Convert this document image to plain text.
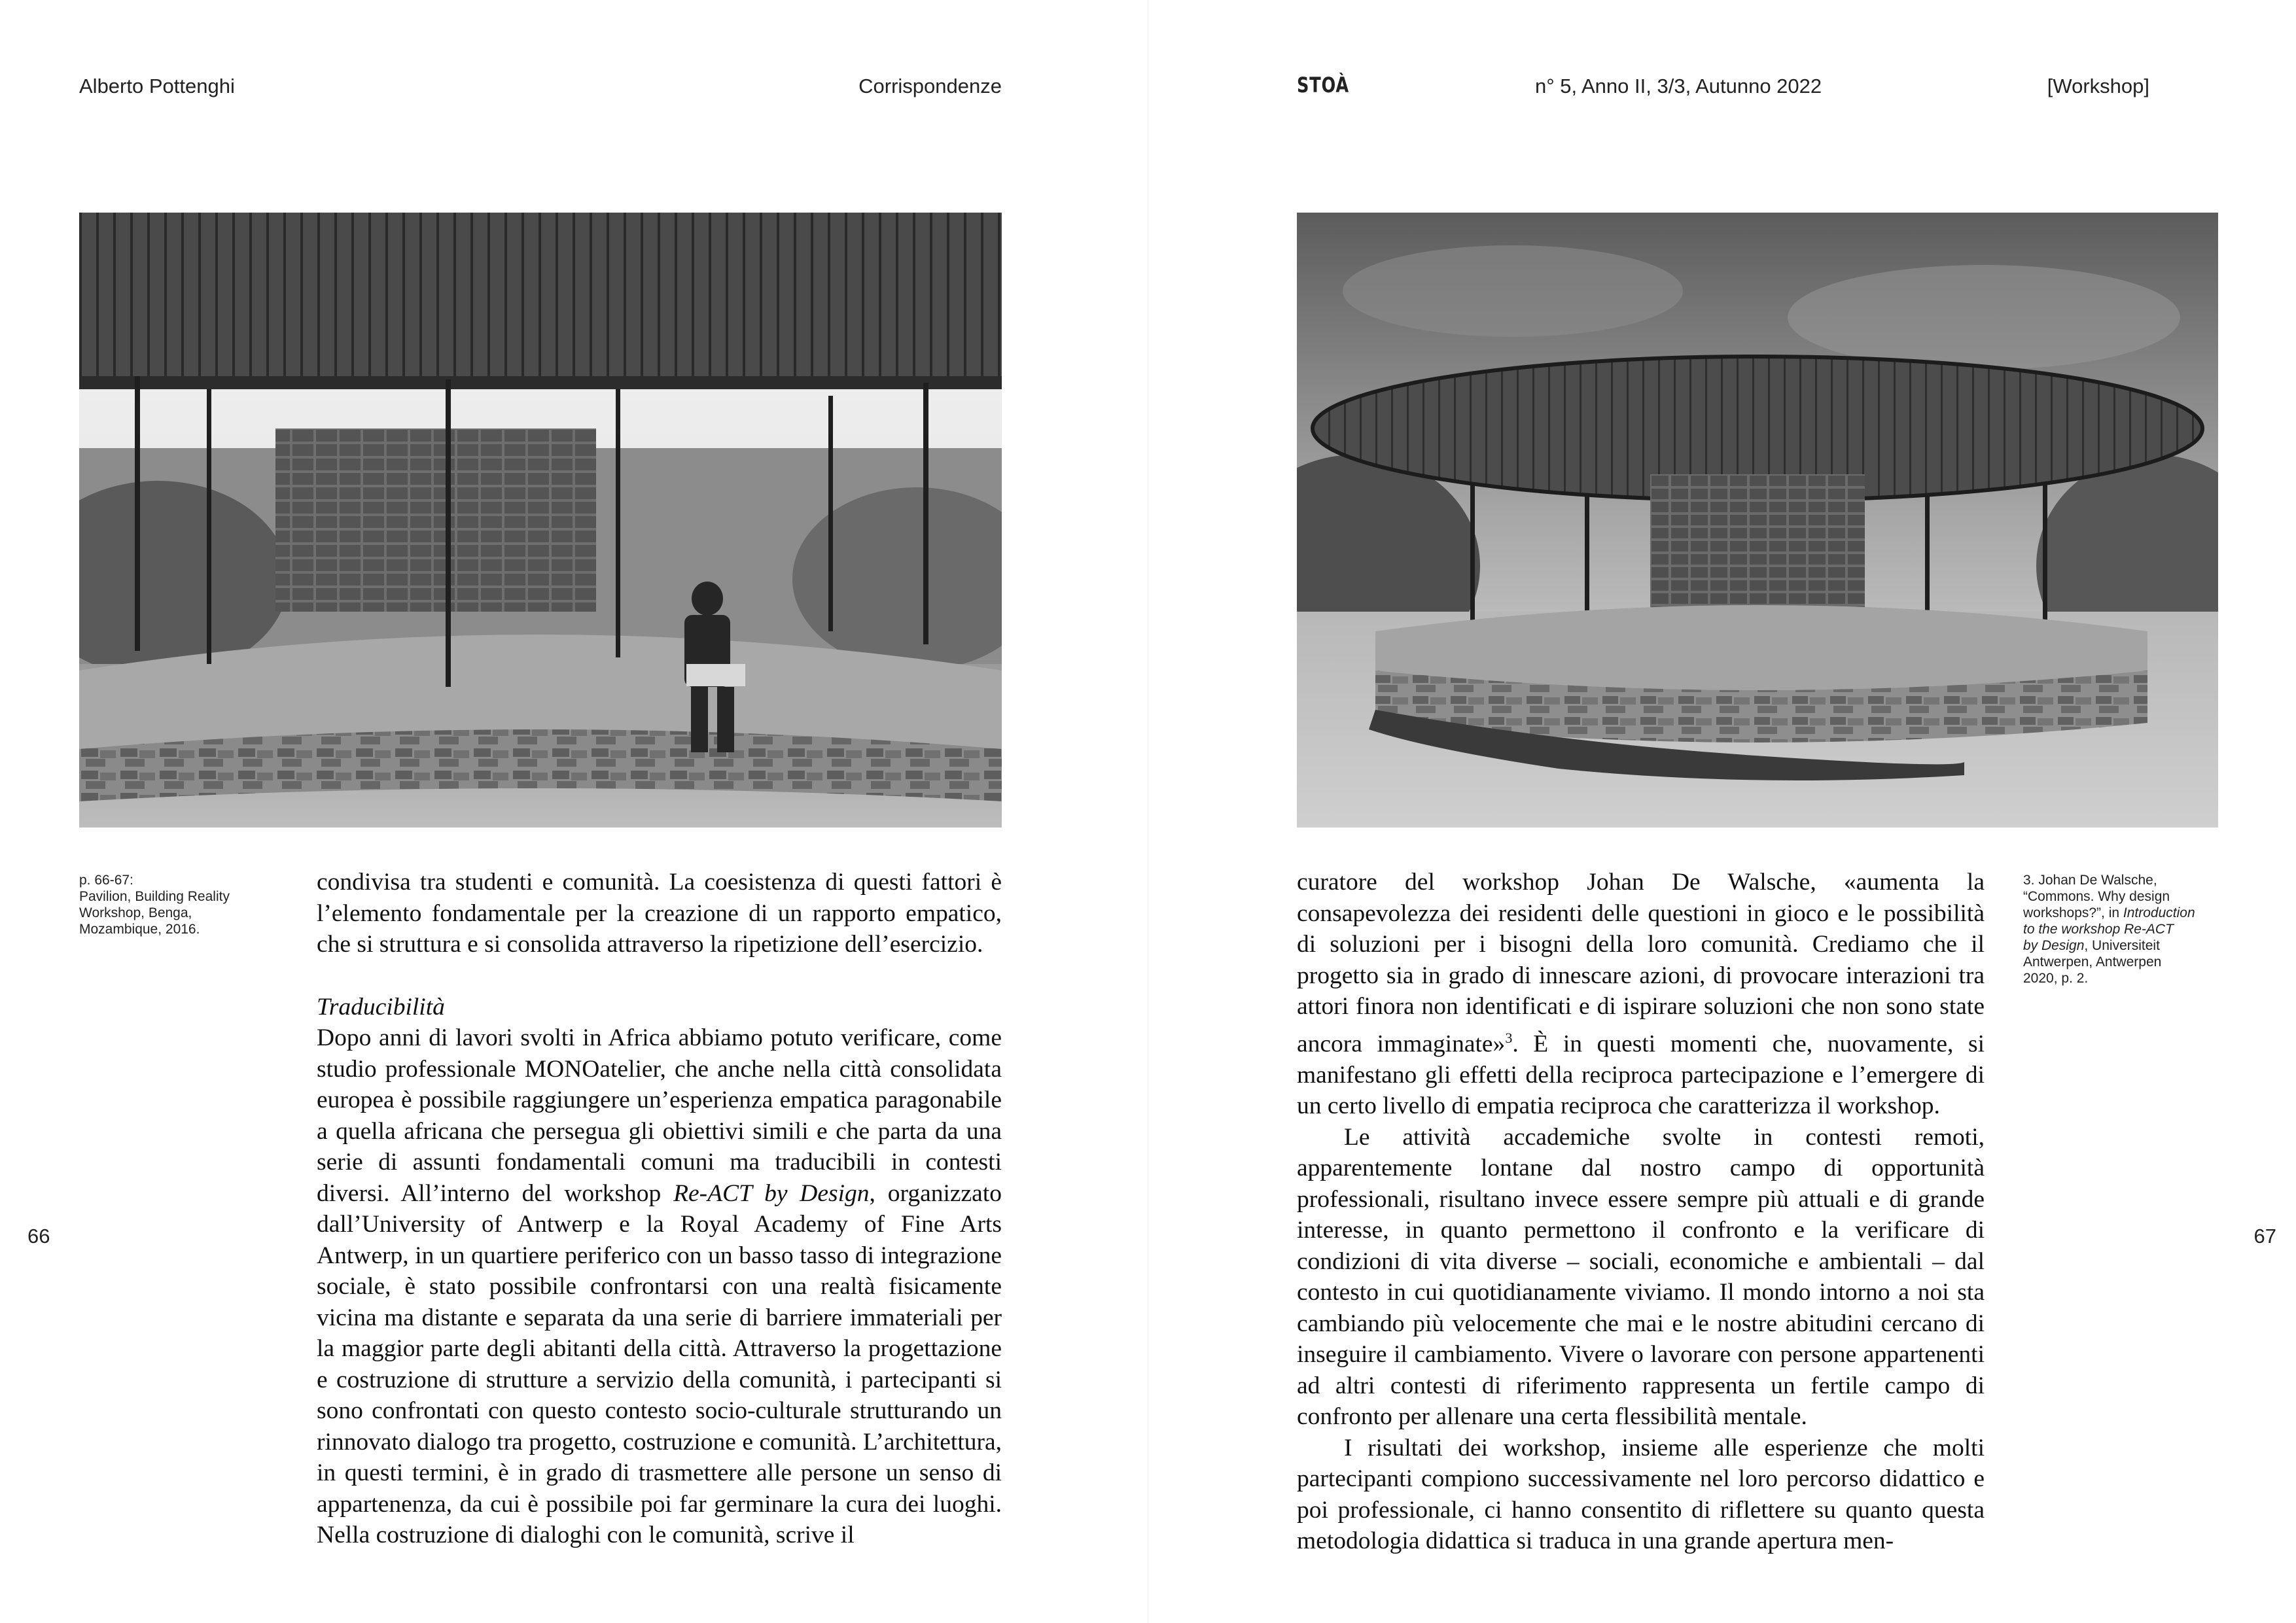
Alberto Pottenghi	Corrispondenze

p. 66-67:

Pavilion, Building Reality

Workshop, Benga,

Mozambique, 2016.

condivisa tra studenti e comunità. La coesistenza di questi fattori è l’elemento fondamentale per la creazione di un rapporto empatico, che si struttura e si consolida attraverso la ripetizione dell’esercizio.

Traducibilità

Dopo anni di lavori svolti in Africa abbiamo potuto verificare, come studio professionale MONOatelier, che anche nella città consolidata europea è possibile raggiungere un’esperienza empatica paragonabile a quella africana che persegua gli obiettivi simili e che parta da una serie di assunti fondamentali comuni ma traducibili in contesti diversi. All’interno del workshop Re-ACT by Design, organizzato dall’University of Antwerp e la Royal Academy of Fine Arts Antwerp, in un quartiere periferico con un basso tasso di integrazione sociale, è stato possibile confrontarsi con una realtà fisicamente vicina ma distante e separata da una serie di barriere immateriali per la maggior parte degli abitanti della città. Attraverso la progettazione e costruzione di strutture a servizio della comunità, i partecipanti si sono confrontati con questo contesto socio-culturale strutturando un rinnovato dialogo tra progetto, costruzione e comunità. L’architettura, in questi termini, è in grado di trasmettere alle persone un senso di appartenenza, da cui è possibile poi far germinare la cura dei luoghi. Nella costruzione di dialoghi con le comunità, scrive il

66
STOÀ	n° 5, Anno II, 3/3, Autunno 2022	[Workshop]

curatore del workshop Johan De Walsche, «aumenta la consapevolezza dei residenti delle questioni in gioco e le possibilità di soluzioni per i bisogni della loro comunità. Crediamo che il progetto sia in grado di innescare azioni, di provocare interazioni tra attori finora non identificati e di ispirare soluzioni che non sono state ancora immaginate»$^3$. È in questi momenti che, nuovamente, si manifestano gli effetti della reciproca partecipazione e l’emergere di un certo livello di empatia reciproca che caratterizza il workshop.

Le attività accademiche svolte in contesti remoti, apparentemente lontane dal nostro campo di opportunità professionali, risultano invece essere sempre più attuali e di grande interesse, in quanto permettono il confronto e la verificare di condizioni di vita diverse – sociali, economiche e ambientali – dal contesto in cui quotidianamente viviamo. Il mondo intorno a noi sta cambiando più velocemente che mai e le nostre abitudini cercano di inseguire il cambiamento. Vivere o lavorare con persone appartenenti ad altri contesti di riferimento rappresenta un fertile campo di confronto per allenare una certa flessibilità mentale.

I risultati dei workshop, insieme alle esperienze che molti partecipanti compiono successivamente nel loro percorso didattico e poi professionale, ci hanno consentito di riflettere su quanto questa metodologia didattica si traduca in una grande apertura men-

3. Johan De Walsche,

“Commons. Why design

workshops?”, in Introduction

to the workshop Re-ACT

by Design, Universiteit

Antwerpen, Antwerpen

2020, p. 2.

67
